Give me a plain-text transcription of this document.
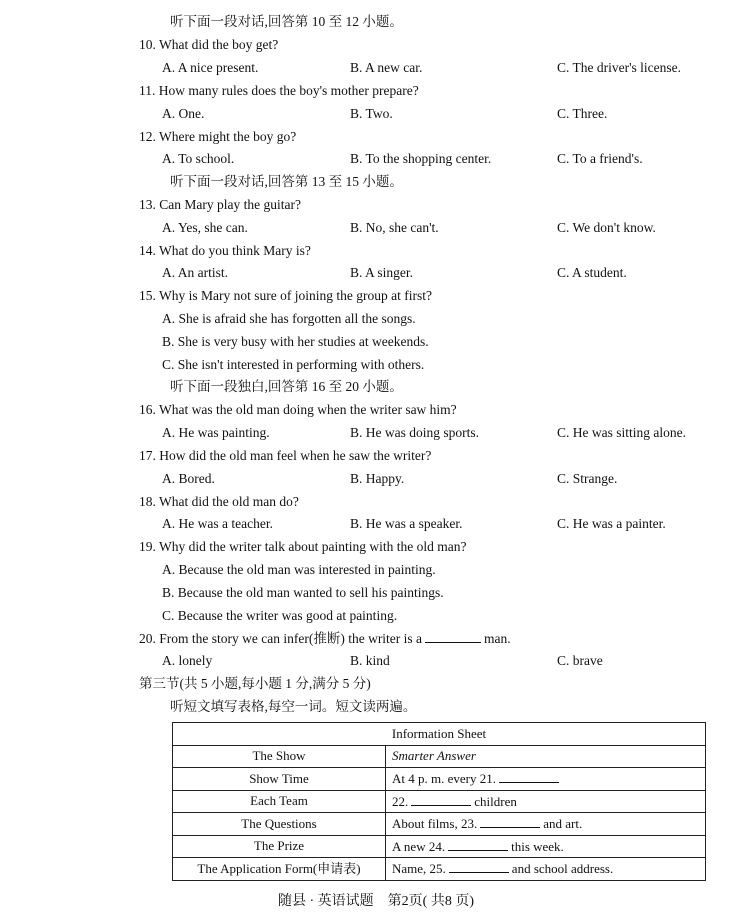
听下面一段对话,回答第 10 至 12 小题。
10. What did the boy get?
A. A nice present.	B. A new car.	C. The driver's license.
11. How many rules does the boy's mother prepare?
A. One.	B. Two.	C. Three.
12. Where might the boy go?
A. To school.	B. To the shopping center.	C. To a friend's.
听下面一段对话,回答第 13 至 15 小题。
13. Can Mary play the guitar?
A. Yes, she can.	B. No, she can't.	C. We don't know.
14. What do you think Mary is?
A. An artist.	B. A singer.	C. A student.
15. Why is Mary not sure of joining the group at first?
A. She is afraid she has forgotten all the songs.
B. She is very busy with her studies at weekends.
C. She isn't interested in performing with others.
听下面一段独白,回答第 16 至 20 小题。
16. What was the old man doing when the writer saw him?
A. He was painting.	B. He was doing sports.	C. He was sitting alone.
17. How did the old man feel when he saw the writer?
A. Bored.	B. Happy.	C. Strange.
18. What did the old man do?
A. He was a teacher.	B. He was a speaker.	C. He was a painter.
19. Why did the writer talk about painting with the old man?
A. Because the old man was interested in painting.
B. Because the old man wanted to sell his paintings.
C. Because the writer was good at painting.
20. From the story we can infer(推断) the writer is a	man.
A. lonely	B. kind	C. brave
第三节(共 5 小题,每小题 1 分,满分 5 分)
听短文填写表格,每空一词。短文读两遍。
Information Sheet	
The Show	Smarter Answer
Show Time	At 4 p. m. every 21.
Each Team	22. children
The Questions	About films, 23. and art.
The Prize	A new 24. this week.
The Application Form(申请表)	Name, 25. and school address.
随县 · 英语试题　第2页( 共8 页)
